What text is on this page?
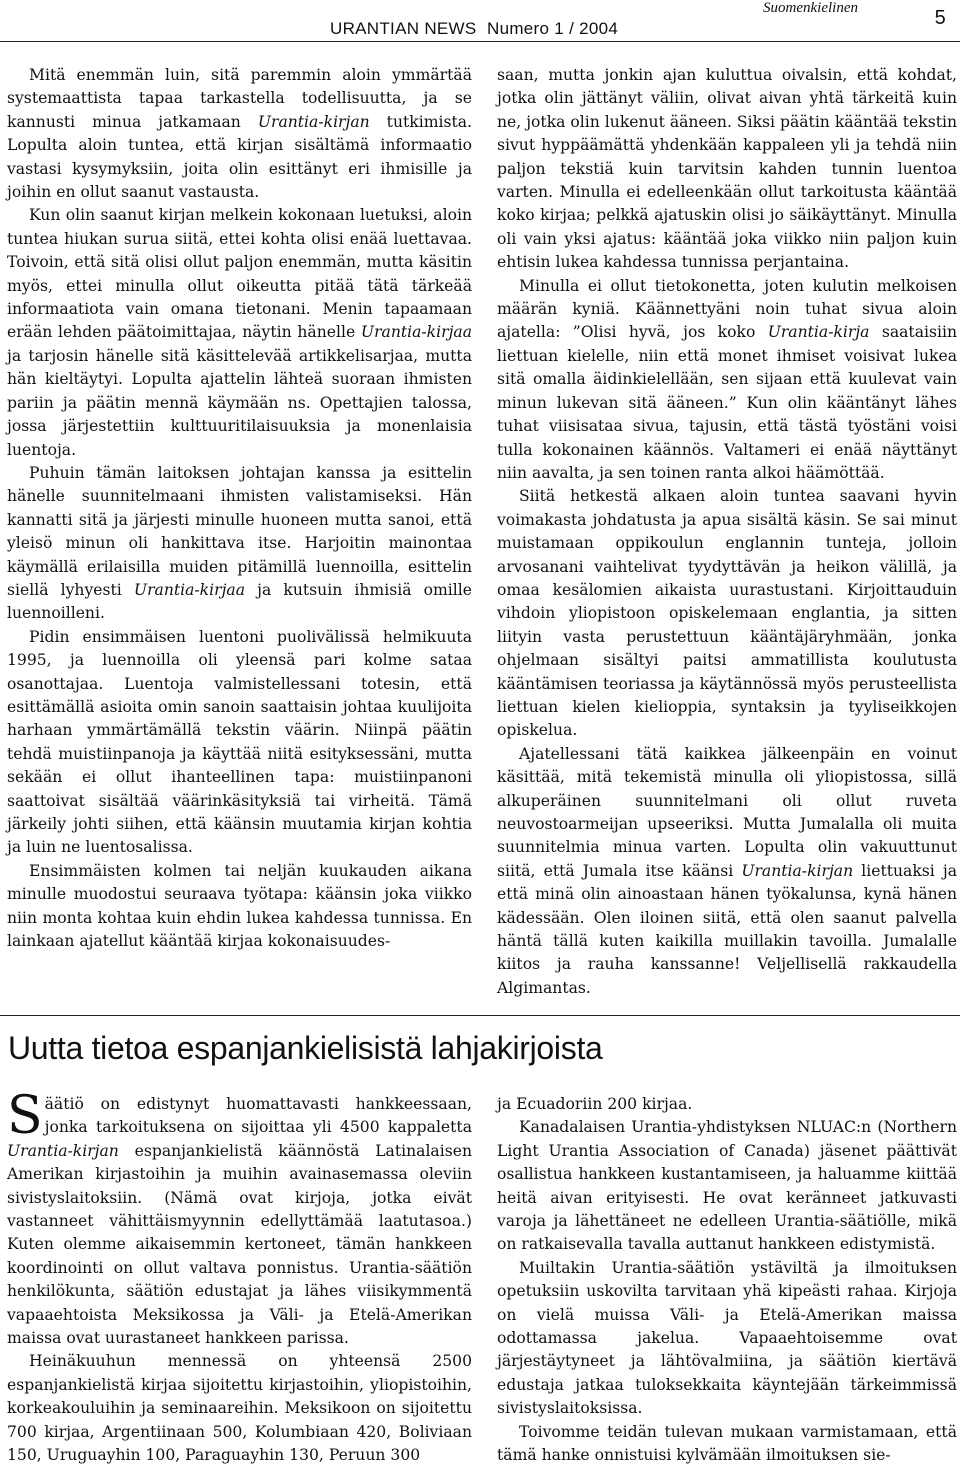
Suomenkielinen
URANTIAN NEWS Numero 1 / 2004	5

Mitä enemmän luin, sitä paremmin aloin ymmärtää systemaattista tapaa tarkastella todellisuutta, ja se kannusti minua jatkamaan Urantia-kirjan tutkimista. Lopulta aloin tuntea, että kirjan sisältämä informaatio vastasi kysymyksiin, joita olin esittänyt eri ihmisille ja joihin en ollut saanut vastausta.

Kun olin saanut kirjan melkein kokonaan luetuksi, aloin tuntea hiukan surua siitä, ettei kohta olisi enää luettavaa. Toivoin, että sitä olisi ollut paljon enemmän, mutta käsitin myös, ettei minulla ollut oikeutta pitää tätä tärkeää informaatiota vain omana tietonani. Menin tapaamaan erään lehden päätoimittajaa, näytin hänelle Urantia-kirjaa ja tarjosin hänelle sitä käsittelevää artikkelisarjaa, mutta hän kieltäytyi. Lopulta ajattelin lähteä suoraan ihmisten pariin ja päätin mennä käymään ns. Opettajien talossa, jossa järjestettiin kulttuuritilaisuuksia ja monenlaisia luentoja.

Puhuin tämän laitoksen johtajan kanssa ja esittelin hänelle suunnitelmaani ihmisten valistamiseksi. Hän kannatti sitä ja järjesti minulle huoneen mutta sanoi, että yleisö minun oli hankittava itse. Harjoitin mainontaa käymällä erilaisilla muiden pitämillä luennoilla, esittelin siellä lyhyesti Urantia-kirjaa ja kutsuin ihmisiä omille luennoilleni.

Pidin ensimmäisen luentoni puolivälissä helmikuuta 1995, ja luennoilla oli yleensä pari kolme sataa osanottajaa. Luentoja valmistellessani totesin, että esittämällä asioita omin sanoin saattaisin johtaa kuulijoita harhaan ymmärtämällä tekstin väärin. Niinpä päätin tehdä muistiinpanoja ja käyttää niitä esityksessäni, mutta sekään ei ollut ihanteellinen tapa: muistiinpanoni saattoivat sisältää väärinkäsityksiä tai virheitä. Tämä järkeily johti siihen, että käänsin muutamia kirjan kohtia ja luin ne luentosalissa.

Ensimmäisten kolmen tai neljän kuukauden aikana minulle muodostui seuraava työtapa: käänsin joka viikko niin monta kohtaa kuin ehdin lukea kahdessa tunnissa. En lainkaan ajatellut kääntää kirjaa kokonaisuudes-

saan, mutta jonkin ajan kuluttua oivalsin, että kohdat, jotka olin jättänyt väliin, olivat aivan yhtä tärkeitä kuin ne, jotka olin lukenut ääneen. Siksi päätin kääntää tekstin sivut hyppäämättä yhdenkään kappaleen yli ja tehdä niin paljon tekstiä kuin tarvitsin kahden tunnin luentoa varten. Minulla ei edelleenkään ollut tarkoitusta kääntää koko kirjaa; pelkkä ajatuskin olisi jo säikäyttänyt. Minulla oli vain yksi ajatus: kääntää joka viikko niin paljon kuin ehtisin lukea kahdessa tunnissa perjantaina.

Minulla ei ollut tietokonetta, joten kulutin melkoisen määrän kyniä. Käännettyäni noin tuhat sivua aloin ajatella: ”Olisi hyvä, jos koko Urantia-kirja saataisiin liettuan kielelle, niin että monet ihmiset voisivat lukea sitä omalla äidinkielellään, sen sijaan että kuulevat vain minun lukevan sitä ääneen.” Kun olin kääntänyt lähes tuhat viisisataa sivua, tajusin, että tästä työstäni voisi tulla kokonainen käännös. Valtameri ei enää näyttänyt niin aavalta, ja sen toinen ranta alkoi häämöttää.

Siitä hetkestä alkaen aloin tuntea saavani hyvin voimakasta johdatusta ja apua sisältä käsin. Se sai minut muistamaan oppikoulun englannin tunteja, jolloin arvosanani vaihtelivat tyydyttävän ja heikon välillä, ja omaa kesälomien aikaista uurastustani. Kirjoittauduin vihdoin yliopistoon opiskelemaan englantia, ja sitten liityin vasta perustettuun kääntäjäryhmään, jonka ohjelmaan sisältyi paitsi ammatillista koulutusta kääntämisen teoriassa ja käytännössä myös perusteellista liettuan kielen kielioppia, syntaksin ja tyyliseikkojen opiskelua.

Ajatellessani tätä kaikkea jälkeenpäin en voinut käsittää, mitä tekemistä minulla oli yliopistossa, sillä alkuperäinen suunnitelmani oli ollut ruveta neuvostoarmeijan upseeriksi. Mutta Jumalalla oli muita suunnitelmia minua varten. Lopulta olin vakuuttunut siitä, että Jumala itse käänsi Urantia-kirjan liettuaksi ja että minä olin ainoastaan hänen työkalunsa, kynä hänen kädessään. Olen iloinen siitä, että olen saanut palvella häntä tällä kuten kaikilla muillakin tavoilla. Jumalalle kiitos ja rauha kanssanne! Veljellisellä rakkaudella Algimantas.

Uutta tietoa espanjankielisistä lahjakirjoista

Säätiö on edistynyt huomattavasti hankkeessaan, jonka tarkoituksena on sijoittaa yli 4500 kappaletta Urantia-kirjan espanjankielistä käännöstä Latinalaisen Amerikan kirjastoihin ja muihin avainasemassa oleviin sivistyslaitoksiin. (Nämä ovat kirjoja, jotka eivät vastanneet vähittäismyynnin edellyttämää laatutasoa.) Kuten olemme aikaisemmin kertoneet, tämän hankkeen koordinointi on ollut valtava ponnistus. Urantia-säätiön henkilökunta, säätiön edustajat ja lähes viisikymmentä vapaaehtoista Meksikossa ja Väli- ja Etelä-Amerikan maissa ovat uurastaneet hankkeen parissa.

Heinäkuuhun mennessä on yhteensä 2500 espanjankielistä kirjaa sijoitettu kirjastoihin, yliopistoihin, korkeakouluihin ja seminaareihin. Meksikoon on sijoitettu 700 kirjaa, Argentiinaan 500, Kolumbiaan 420, Boliviaan 150, Uruguayhin 100, Paraguayhin 130, Peruun 300

ja Ecuadoriin 200 kirjaa.

Kanadalaisen Urantia-yhdistyksen NLUAC:n (Northern Light Urantia Association of Canada) jäsenet päättivät osallistua hankkeen kustantamiseen, ja haluamme kiittää heitä aivan erityisesti. He ovat keränneet jatkuvasti varoja ja lähettäneet ne edelleen Urantia-säätiölle, mikä on ratkaisevalla tavalla auttanut hankkeen edistymistä.

Muiltakin Urantia-säätiön ystäviltä ja ilmoituksen opetuksiin uskovilta tarvitaan yhä kipeästi rahaa. Kirjoja on vielä muissa Väli- ja Etelä-Amerikan maissa odottamassa jakelua. Vapaaehtoisemme ovat järjestäytyneet ja lähtövalmiina, ja säätiön kiertävä edustaja jatkaa tuloksekkaita käyntejään tärkeimmissä sivistyslaitoksissa.

Toivomme teidän tulevan mukaan varmistamaan, että tämä hanke onnistuisi kylvämään ilmoituksen sie-
